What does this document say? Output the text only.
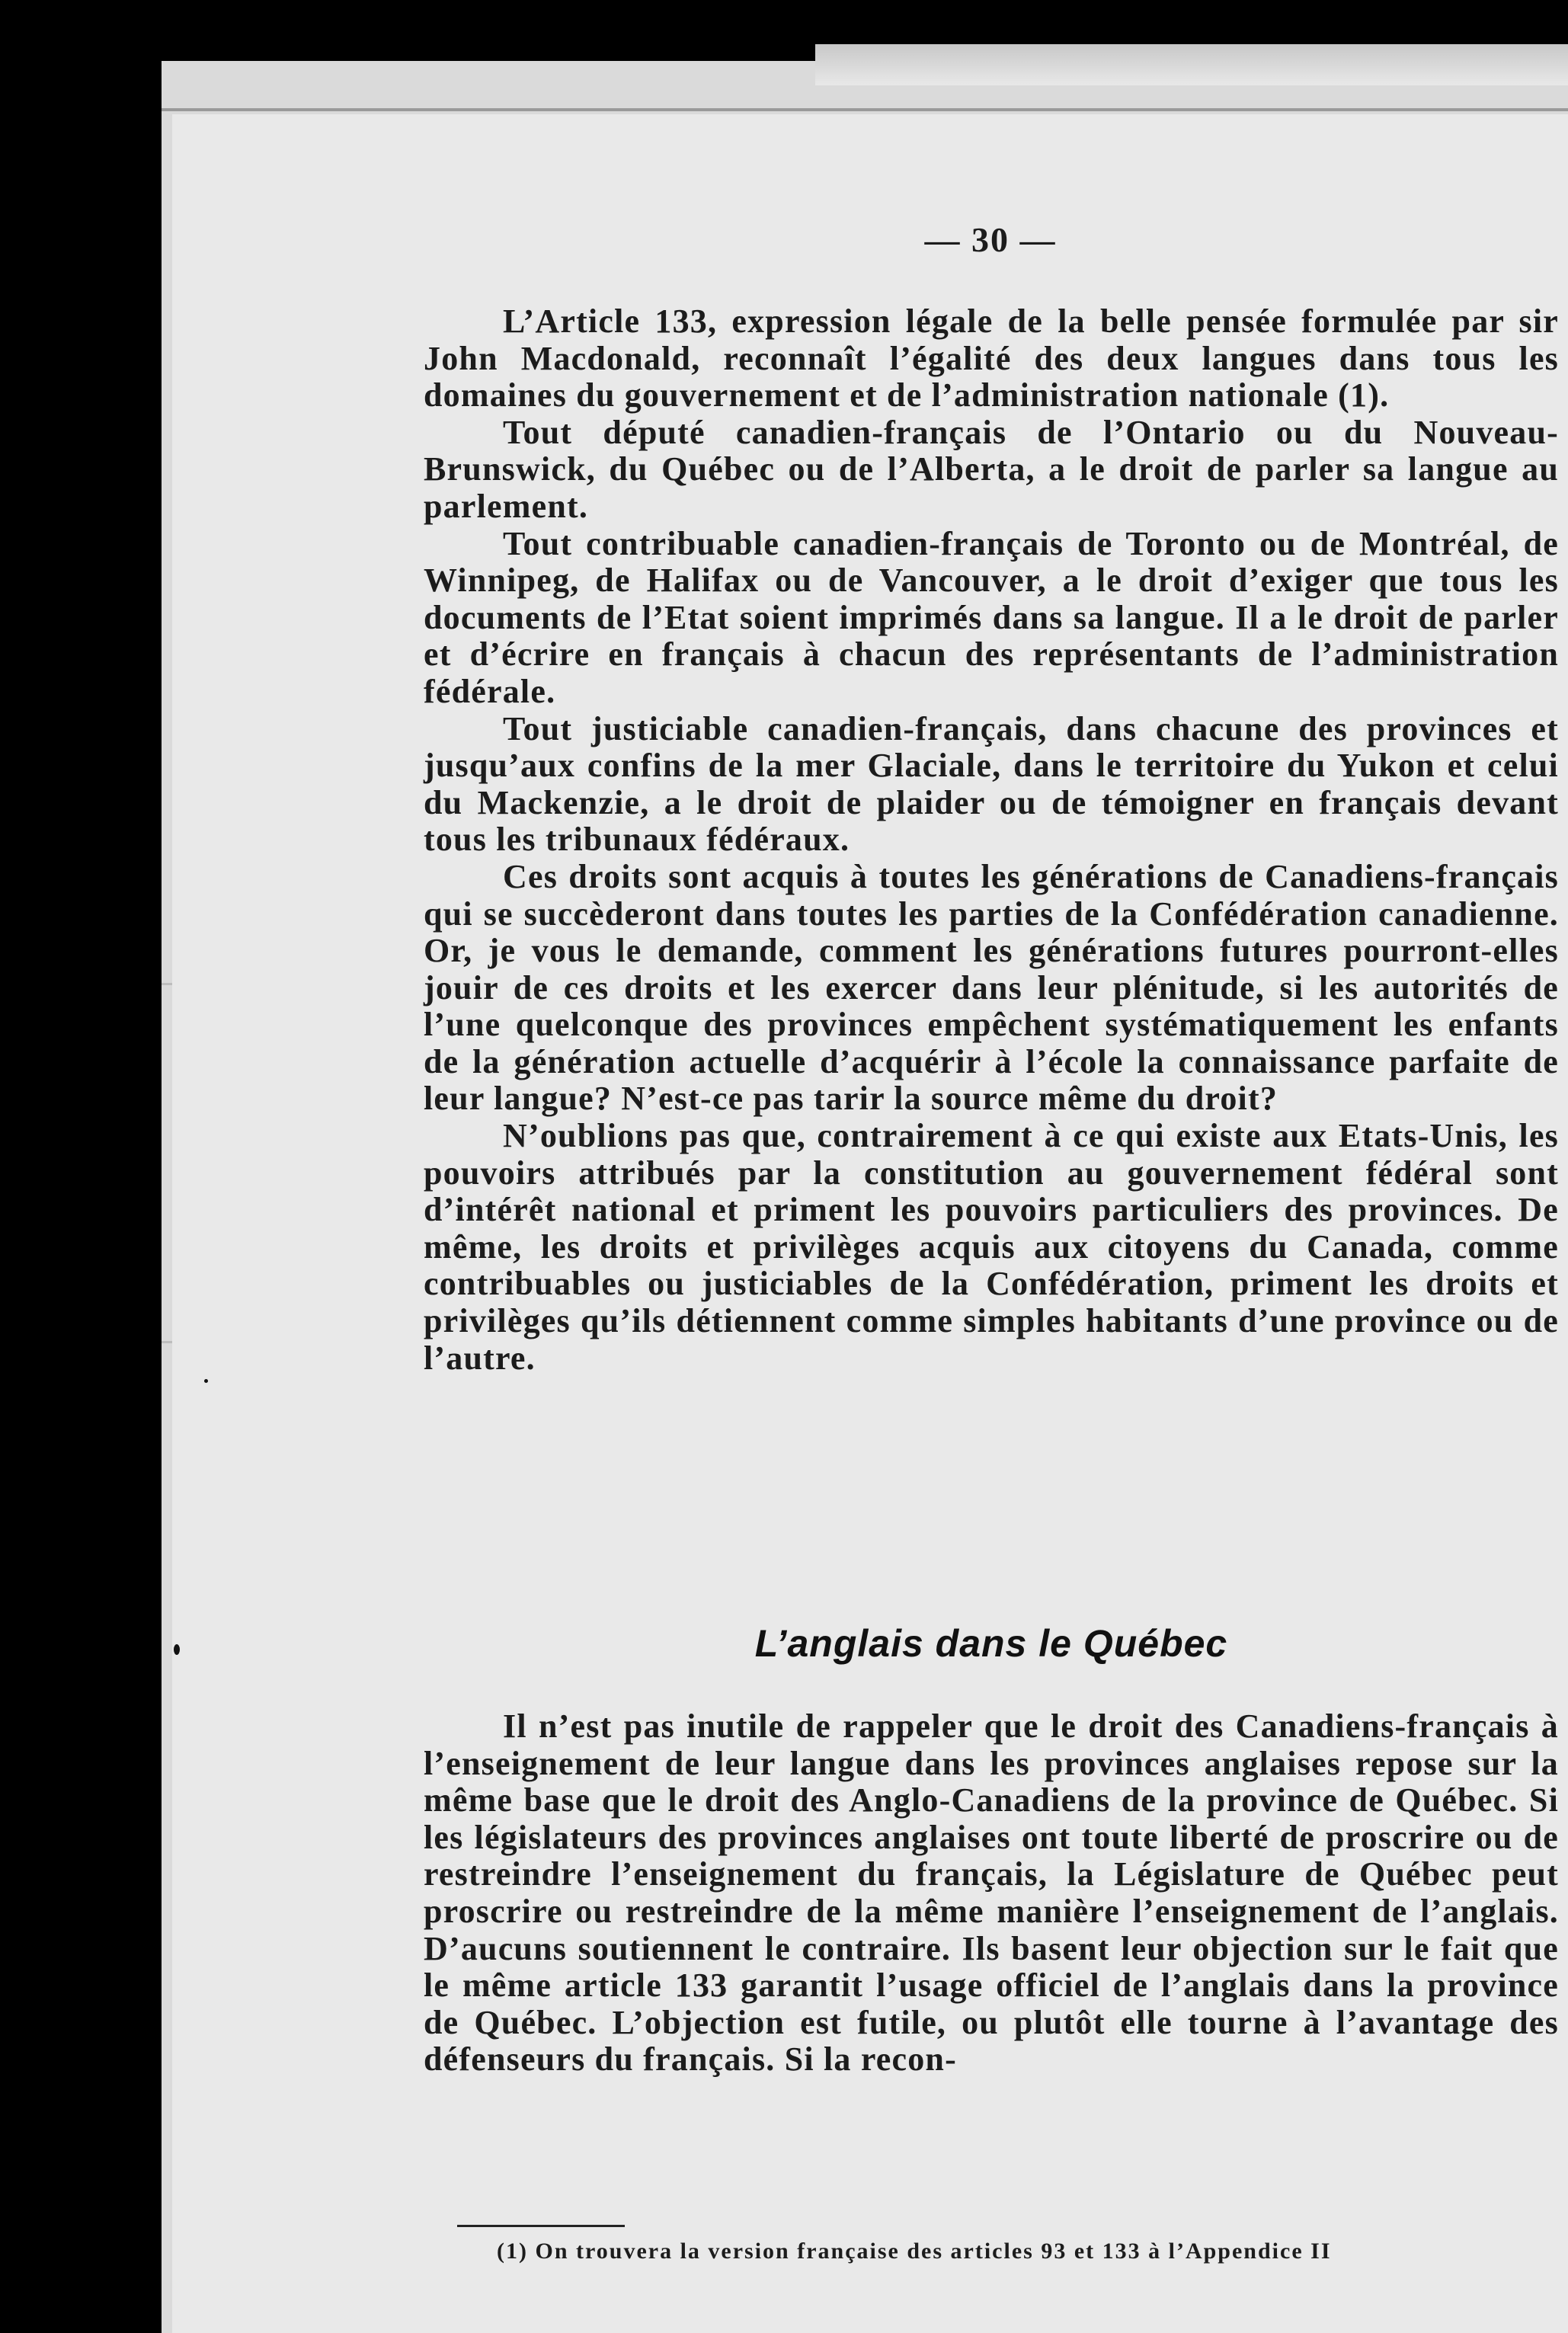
— 30 —

L’Article 133, expression légale de la belle pensée formulée par sir John Macdonald, reconnaît l’égalité des deux langues dans tous les domaines du gouvernement et de l’administration nationale (1).

Tout député canadien-français de l’Ontario ou du Nouveau-Brunswick, du Québec ou de l’Alberta, a le droit de parler sa langue au parlement.

Tout contribuable canadien-français de Toronto ou de Montréal, de Winnipeg, de Halifax ou de Vancouver, a le droit d’exiger que tous les documents de l’Etat soient imprimés dans sa langue. Il a le droit de parler et d’écrire en français à chacun des représentants de l’administration fédérale.

Tout justiciable canadien-français, dans chacune des provinces et jusqu’aux confins de la mer Glaciale, dans le territoire du Yukon et celui du Mackenzie, a le droit de plaider ou de témoigner en français devant tous les tribunaux fédéraux.

Ces droits sont acquis à toutes les générations de Canadiens-français qui se succèderont dans toutes les parties de la Confédération canadienne. Or, je vous le demande, comment les générations futures pourront-elles jouir de ces droits et les exercer dans leur plénitude, si les autorités de l’une quelconque des provinces empêchent systématiquement les enfants de la génération actuelle d’acquérir à l’école la connaissance parfaite de leur langue? N’est-ce pas tarir la source même du droit?

N’oublions pas que, contrairement à ce qui existe aux Etats-Unis, les pouvoirs attribués par la constitution au gouvernement fédéral sont d’intérêt national et priment les pouvoirs particuliers des provinces. De même, les droits et privilèges acquis aux citoyens du Canada, comme contribuables ou justiciables de la Confédération, priment les droits et privilèges qu’ils détiennent comme simples habitants d’une province ou de l’autre.

L’anglais dans le Québec

Il n’est pas inutile de rappeler que le droit des Canadiens-français à l’enseignement de leur langue dans les provinces anglaises repose sur la même base que le droit des Anglo-Canadiens de la province de Québec. Si les législateurs des provinces anglaises ont toute liberté de proscrire ou de restreindre l’enseignement du français, la Législature de Québec peut proscrire ou restreindre de la même manière l’enseignement de l’anglais. D’aucuns soutiennent le contraire. Ils basent leur objection sur le fait que le même article 133 garantit l’usage officiel de l’anglais dans la province de Québec. L’objection est futile, ou plutôt elle tourne à l’avantage des défenseurs du français. Si la recon-

(1) On trouvera la version française des articles 93 et 133 à l’Appendice II
